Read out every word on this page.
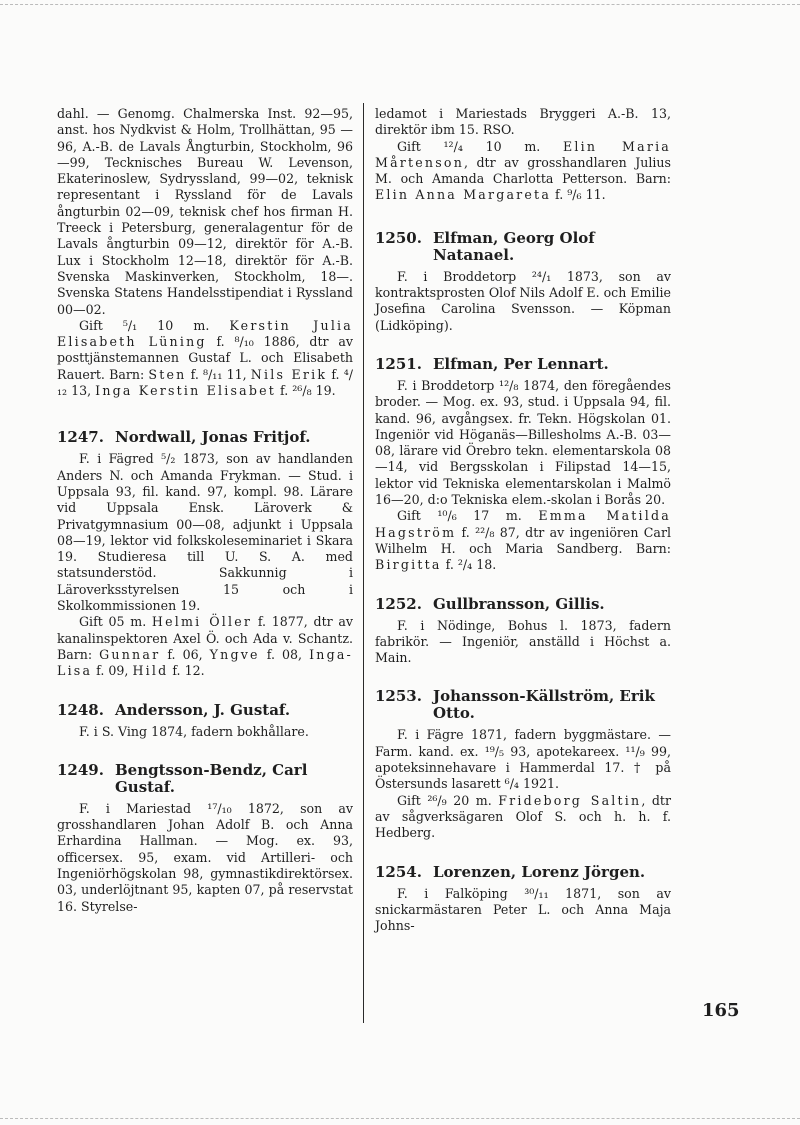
dahl. — Genomg. Chalmerska Inst. 92—95, anst. hos Nydkvist & Holm, Trollhättan, 95 —96, A.-B. de Lavals Ångturbin, Stockholm, 96—99, Tecknisches Bureau W. Levenson, Ekaterinoslew, Sydryssland, 99—02, teknisk representant i Ryssland för de Lavals ångturbin 02—09, teknisk chef hos firman H. Treeck i Petersburg, generalagentur för de Lavals ångturbin 09—12, direktör för A.-B. Lux i Stockholm 12—18, direktör för A.-B. Svenska Maskinverken, Stockholm, 18—. Svenska Statens Handelsstipendiat i Ryssland 00—02.

Gift ⁵/₁ 10 m. Kerstin Julia Elisabeth Lüning f. ⁸/₁₀ 1886, dtr av posttjänstemannen Gustaf L. och Elisabeth Rauert. Barn: Sten f. ⁸/₁₁ 11, Nils Erik f. ⁴/₁₂ 13, Inga Kerstin Elisabet f. ²⁶/₈ 19.

1247. Nordwall, Jonas Fritjof.

F. i Fägred ⁵/₂ 1873, son av handlanden Anders N. och Amanda Frykman. — Stud. i Uppsala 93, fil. kand. 97, kompl. 98. Lärare vid Uppsala Ensk. Läroverk & Privatgymnasium 00—08, adjunkt i Uppsala 08—19, lektor vid folkskoleseminariet i Skara 19. Studieresa till U. S. A. med statsunderstöd. Sakkunnig i Läroverksstyrelsen 15 och i Skolkommissionen 19.

Gift 05 m. Helmi Öller f. 1877, dtr av kanalinspektoren Axel Ö. och Ada v. Schantz. Barn: Gunnar f. 06, Yngve f. 08, Inga-Lisa f. 09, Hild f. 12.

1248. Andersson, J. Gustaf.

F. i S. Ving 1874, fadern bokhållare.

1249. Bengtsson-Bendz, Carl Gustaf.

F. i Mariestad ¹⁷/₁₀ 1872, son av grosshandlaren Johan Adolf B. och Anna Erhardina Hallman. — Mog. ex. 93, officersex. 95, exam. vid Artilleri- och Ingeniörhögskolan 98, gymnastikdirektörsex. 03, underlöjtnant 95, kapten 07, på reservstat 16. Styrelse-

ledamot i Mariestads Bryggeri A.-B. 13, direktör ibm 15. RSO.

Gift ¹²/₄ 10 m. Elin Maria Mårtenson, dtr av grosshandlaren Julius M. och Amanda Charlotta Petterson. Barn: Elin Anna Margareta f. ⁹/₆ 11.

1250. Elfman, Georg Olof Natanael.

F. i Broddetorp ²⁴/₁ 1873, son av kontraktsprosten Olof Nils Adolf E. och Emilie Josefina Carolina Svensson. — Köpman (Lidköping).

1251. Elfman, Per Lennart.

F. i Broddetorp ¹²/₈ 1874, den föregåendes broder. — Mog. ex. 93, stud. i Uppsala 94, fil. kand. 96, avgångsex. fr. Tekn. Högskolan 01. Ingeniör vid Höganäs—Billesholms A.-B. 03—08, lärare vid Örebro tekn. elementarskola 08—14, vid Bergsskolan i Filipstad 14—15, lektor vid Tekniska elementarskolan i Malmö 16—20, d:o Tekniska elem.-skolan i Borås 20.

Gift ¹⁰/₆ 17 m. Emma Matilda Hagström f. ²²/₈ 87, dtr av ingeniören Carl Wilhelm H. och Maria Sandberg. Barn: Birgitta f. ²/₄ 18.

1252. Gullbransson, Gillis.

F. i Nödinge, Bohus l. 1873, fadern fabrikör. — Ingeniör, anställd i Höchst a. Main.

1253. Johansson-Källström, Erik Otto.

F. i Fägre 1871, fadern byggmästare. — Farm. kand. ex. ¹⁹/₅ 93, apotekareex. ¹¹/₉ 99, apoteksinnehavare i Hammerdal 17. † på Östersunds lasarett ⁶/₄ 1921.

Gift ²⁶/₉ 20 m. Frideborg Saltin, dtr av sågverksägaren Olof S. och h. h. f. Hedberg.

1254. Lorenzen, Lorenz Jörgen.

F. i Falköping ³⁰/₁₁ 1871, son av snickarmästaren Peter L. och Anna Maja Johns-

165
